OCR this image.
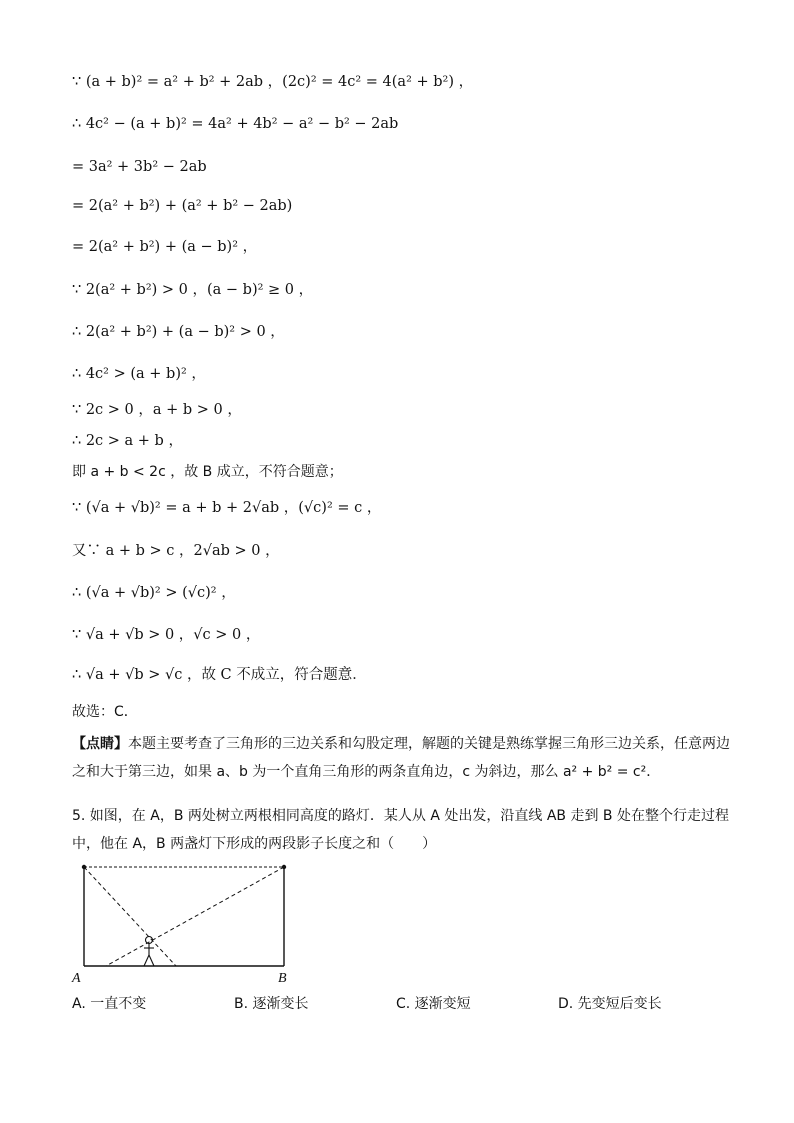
∵ (a + b)² = a² + b² + 2ab ，(2c)² = 4c² = 4(a² + b²) ，
∴ 4c² − (a + b)² = 4a² + 4b² − a² − b² − 2ab
= 3a² + 3b² − 2ab
= 2(a² + b²) + (a² + b² − 2ab)
= 2(a² + b²) + (a − b)² ，
∵ 2(a² + b²) > 0 ，(a − b)² ≥ 0 ，
∴ 2(a² + b²) + (a − b)² > 0 ，
∴ 4c² > (a + b)² ，
∵ 2c > 0 ，a + b > 0 ，
∴ 2c > a + b ，
即 a + b < 2c ，故 B 成立，不符合题意；
∵ (√a + √b)² = a + b + 2√ab ，(√c)² = c ，
又∵ a + b > c ，2√ab > 0 ，
∴ (√a + √b)² > (√c)² ，
∵ √a + √b > 0 ，√c > 0 ，
∴ √a + √b > √c ，故 C 不成立，符合题意．
故选：C．
【点睛】本题主要考查了三角形的三边关系和勾股定理，解题的关键是熟练掌握三角形三边关系，任意两边之和大于第三边，如果 a、b 为一个直角三角形的两条直角边，c 为斜边，那么 a² + b² = c²．
5. 如图，在 A，B 两处树立两根相同高度的路灯．某人从 A 处出发，沿直线 AB 走到 B 处在整个行走过程中，他在 A，B 两盏灯下形成的两段影子长度之和（　　）
A	B
A. 一直不变	B. 逐渐变长	C. 逐渐变短	D. 先变短后变长
